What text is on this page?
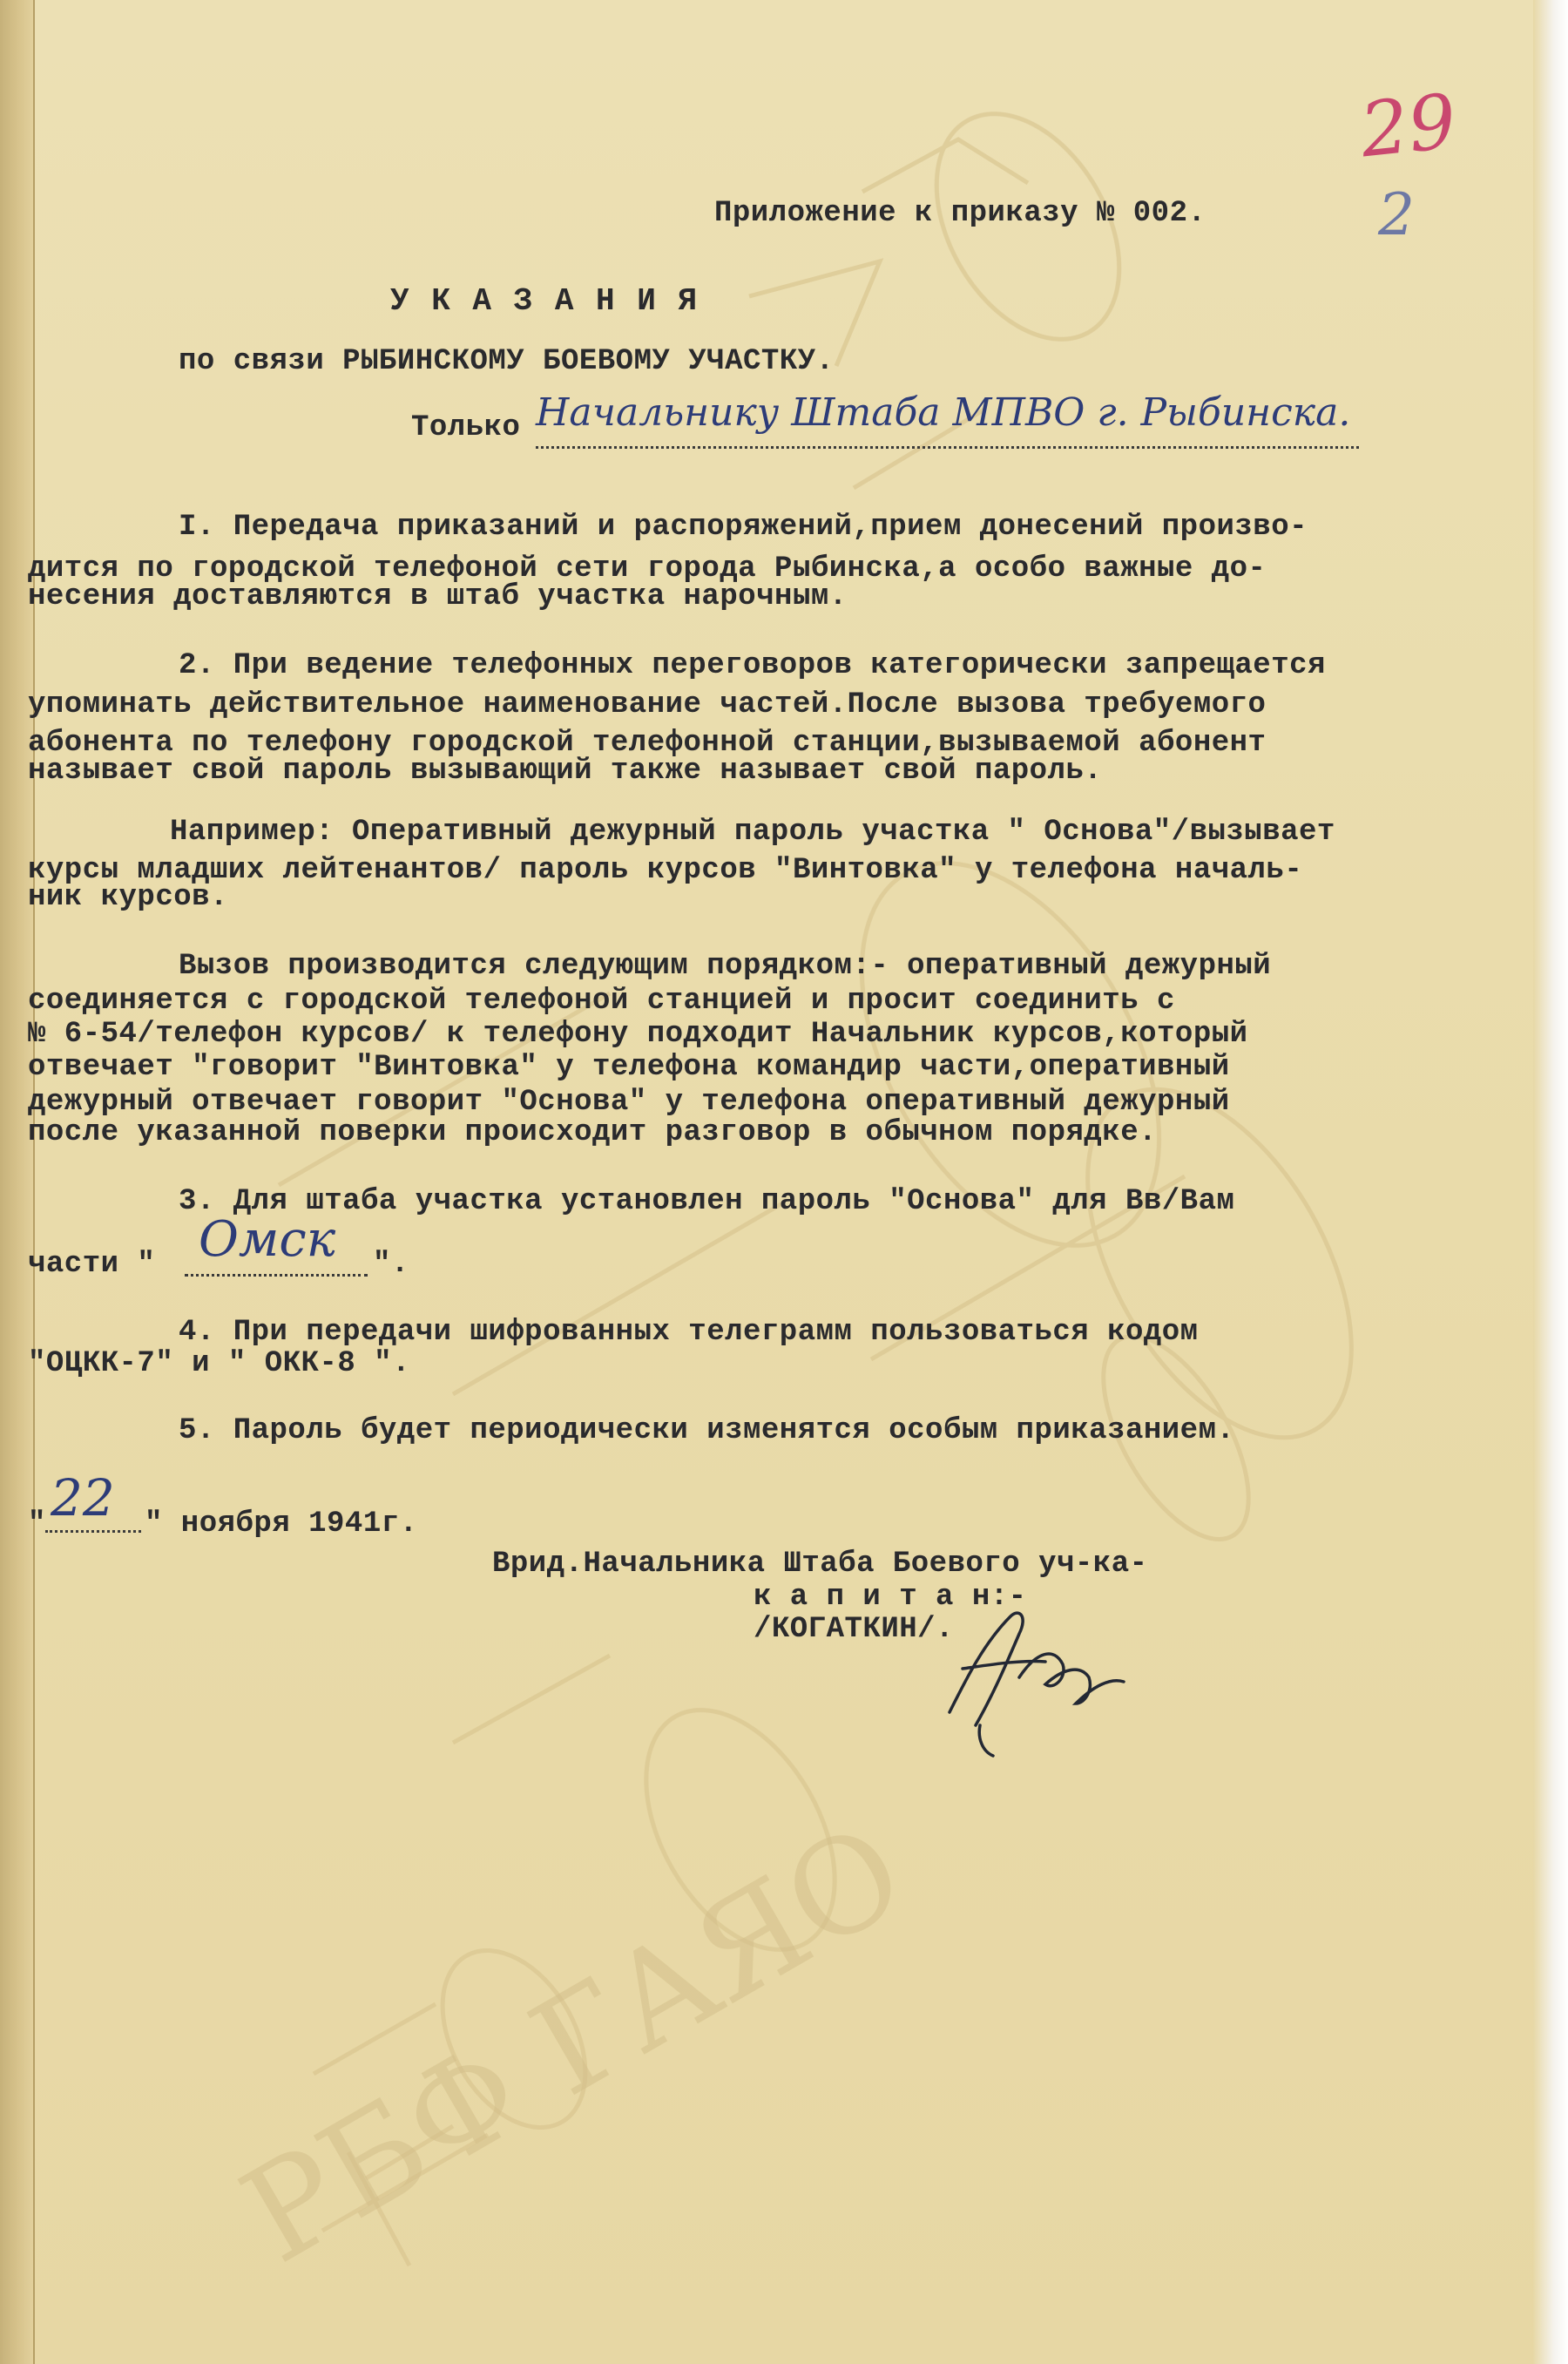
РБФ ГАЯО
29
2
Приложение к приказу № 002.
У К А З А Н И Я
по связи РЫБИНСКОМУ БОЕВОМУ УЧАСТКУ.
Только Начальнику Штаба МПВО г. Рыбинска.
I. Передача приказаний и распоряжений,прием донесений произво-
дится по городской телефоной сети города Рыбинска,а особо важные до-
несения доставляются в штаб участка нарочным.
2. При ведение телефонных переговоров категорически запрещается
упоминать действительное наименование частей.После вызова требуемого
абонента по телефону городской телефонной станции,вызываемой абонент
называет свой пароль вызывающий также называет свой пароль.
Например: Оперативный дежурный пароль участка " Основа"/вызывает
курсы младших лейтенантов/ пароль курсов "Винтовка" у телефона началь-
ник курсов.
Вызов производится следующим порядком:- оперативный дежурный
соединяется с городской телефоной станцией и просит соединить с
№ 6-54/телефон курсов/ к телефону подходит Начальник курсов,который
отвечает "говорит "Винтовка" у телефона командир части,оперативный
дежурный отвечает говорит "Основа" у телефона оперативный дежурный
после указанной поверки происходит разговор в обычном порядке.
3. Для штаба участка установлен пароль "Основа" для Вв/Вам
части " Омск ".
4. При передачи шифрованных телеграмм пользоваться кодом
"ОЦКК-7" и " ОКК-8 ".
5. Пароль будет периодически изменятся особым приказанием.
" 22 " ноября 1941г.
Врид.Начальника Штаба Боевого уч-ка-
к а п и т а н:-
/КОГАТКИН/.
